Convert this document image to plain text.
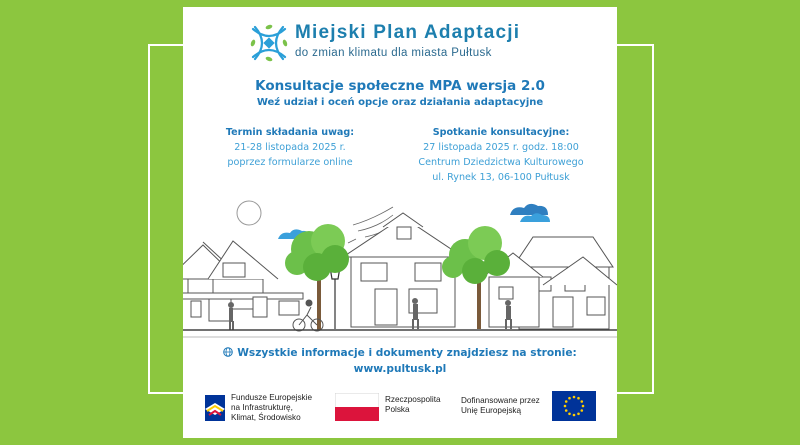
Miejski Plan Adaptacji
do zmian klimatu dla miasta Pułtusk
Konsultacje społeczne MPA wersja 2.0
Weź udział i oceń opcje oraz działania adaptacyjne
Termin składania uwag:
21-28 listopada 2025 r.
poprzez formularze online
Spotkanie konsultacyjne:
27 listopada 2025 r. godz. 18:00
Centrum Dziedzictwa Kulturowego
ul. Rynek 13, 06-100 Pułtusk
Wszystkie informacje i dokumenty znajdziesz na stronie:
www.pultusk.pl
Fundusze Europejskie
na Infrastrukturę,
Klimat, Środowisko
Rzeczpospolita
Polska
Dofinansowane przez
Unię Europejską
